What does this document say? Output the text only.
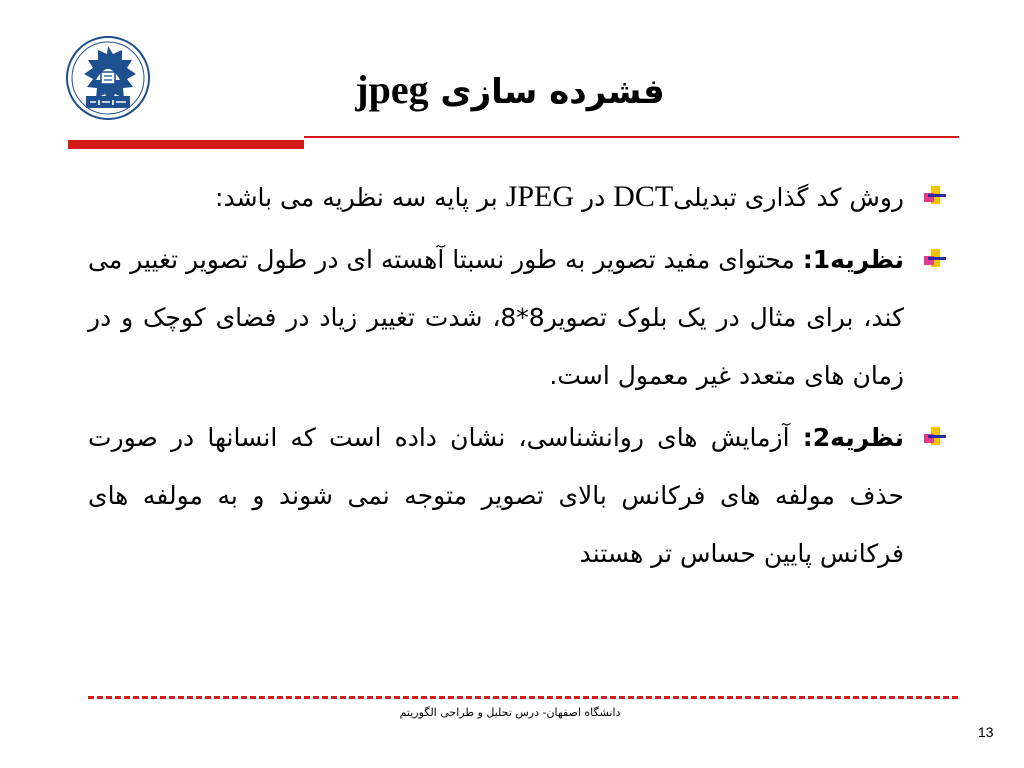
فشرده سازی jpeg
روش کد گذاری تبدیلیDCT در JPEG بر پایه سه نظریه می باشد:
نظریه1: محتوای مفید تصویر به طور نسبتا آهسته ای در طول تصویر تغییر می کند، برای مثال در یک بلوک تصویر8*8، شدت تغییر زیاد در فضای کوچک و در زمان های متعدد غیر معمول است.
نظریه2: آزمایش های روانشناسی، نشان داده است که انسانها در صورت حذف مولفه های فرکانس بالای تصویر متوجه نمی شوند و به مولفه های فرکانس پایین حساس تر هستند
دانشگاه اصفهان- درس تحلیل و طراحی الگوریتم
13
